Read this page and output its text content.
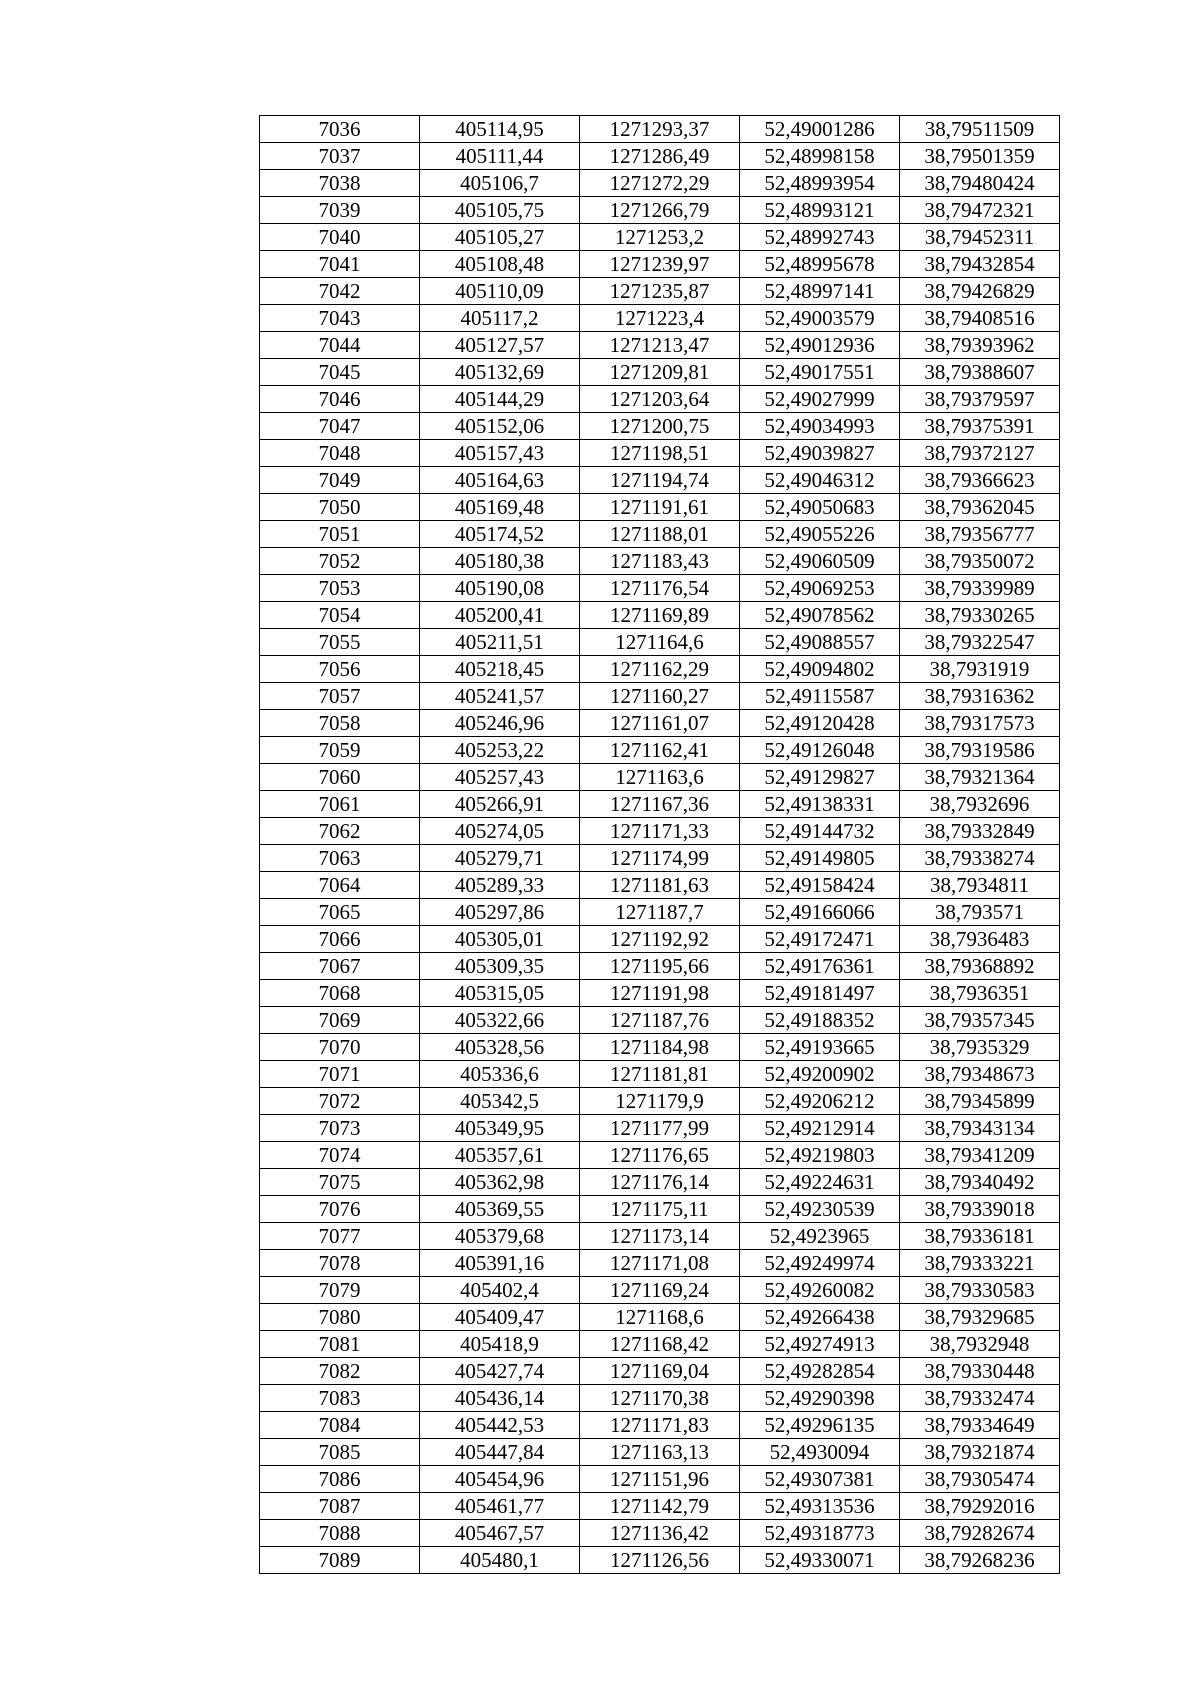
7036	405114,95	1271293,37	52,49001286	38,79511509
7037	405111,44	1271286,49	52,48998158	38,79501359
7038	405106,7	1271272,29	52,48993954	38,79480424
7039	405105,75	1271266,79	52,48993121	38,79472321
7040	405105,27	1271253,2	52,48992743	38,79452311
7041	405108,48	1271239,97	52,48995678	38,79432854
7042	405110,09	1271235,87	52,48997141	38,79426829
7043	405117,2	1271223,4	52,49003579	38,79408516
7044	405127,57	1271213,47	52,49012936	38,79393962
7045	405132,69	1271209,81	52,49017551	38,79388607
7046	405144,29	1271203,64	52,49027999	38,79379597
7047	405152,06	1271200,75	52,49034993	38,79375391
7048	405157,43	1271198,51	52,49039827	38,79372127
7049	405164,63	1271194,74	52,49046312	38,79366623
7050	405169,48	1271191,61	52,49050683	38,79362045
7051	405174,52	1271188,01	52,49055226	38,79356777
7052	405180,38	1271183,43	52,49060509	38,79350072
7053	405190,08	1271176,54	52,49069253	38,79339989
7054	405200,41	1271169,89	52,49078562	38,79330265
7055	405211,51	1271164,6	52,49088557	38,79322547
7056	405218,45	1271162,29	52,49094802	38,7931919
7057	405241,57	1271160,27	52,49115587	38,79316362
7058	405246,96	1271161,07	52,49120428	38,79317573
7059	405253,22	1271162,41	52,49126048	38,79319586
7060	405257,43	1271163,6	52,49129827	38,79321364
7061	405266,91	1271167,36	52,49138331	38,7932696
7062	405274,05	1271171,33	52,49144732	38,79332849
7063	405279,71	1271174,99	52,49149805	38,79338274
7064	405289,33	1271181,63	52,49158424	38,7934811
7065	405297,86	1271187,7	52,49166066	38,793571
7066	405305,01	1271192,92	52,49172471	38,7936483
7067	405309,35	1271195,66	52,49176361	38,79368892
7068	405315,05	1271191,98	52,49181497	38,7936351
7069	405322,66	1271187,76	52,49188352	38,79357345
7070	405328,56	1271184,98	52,49193665	38,7935329
7071	405336,6	1271181,81	52,49200902	38,79348673
7072	405342,5	1271179,9	52,49206212	38,79345899
7073	405349,95	1271177,99	52,49212914	38,79343134
7074	405357,61	1271176,65	52,49219803	38,79341209
7075	405362,98	1271176,14	52,49224631	38,79340492
7076	405369,55	1271175,11	52,49230539	38,79339018
7077	405379,68	1271173,14	52,4923965	38,79336181
7078	405391,16	1271171,08	52,49249974	38,79333221
7079	405402,4	1271169,24	52,49260082	38,79330583
7080	405409,47	1271168,6	52,49266438	38,79329685
7081	405418,9	1271168,42	52,49274913	38,7932948
7082	405427,74	1271169,04	52,49282854	38,79330448
7083	405436,14	1271170,38	52,49290398	38,79332474
7084	405442,53	1271171,83	52,49296135	38,79334649
7085	405447,84	1271163,13	52,4930094	38,79321874
7086	405454,96	1271151,96	52,49307381	38,79305474
7087	405461,77	1271142,79	52,49313536	38,79292016
7088	405467,57	1271136,42	52,49318773	38,79282674
7089	405480,1	1271126,56	52,49330071	38,79268236
